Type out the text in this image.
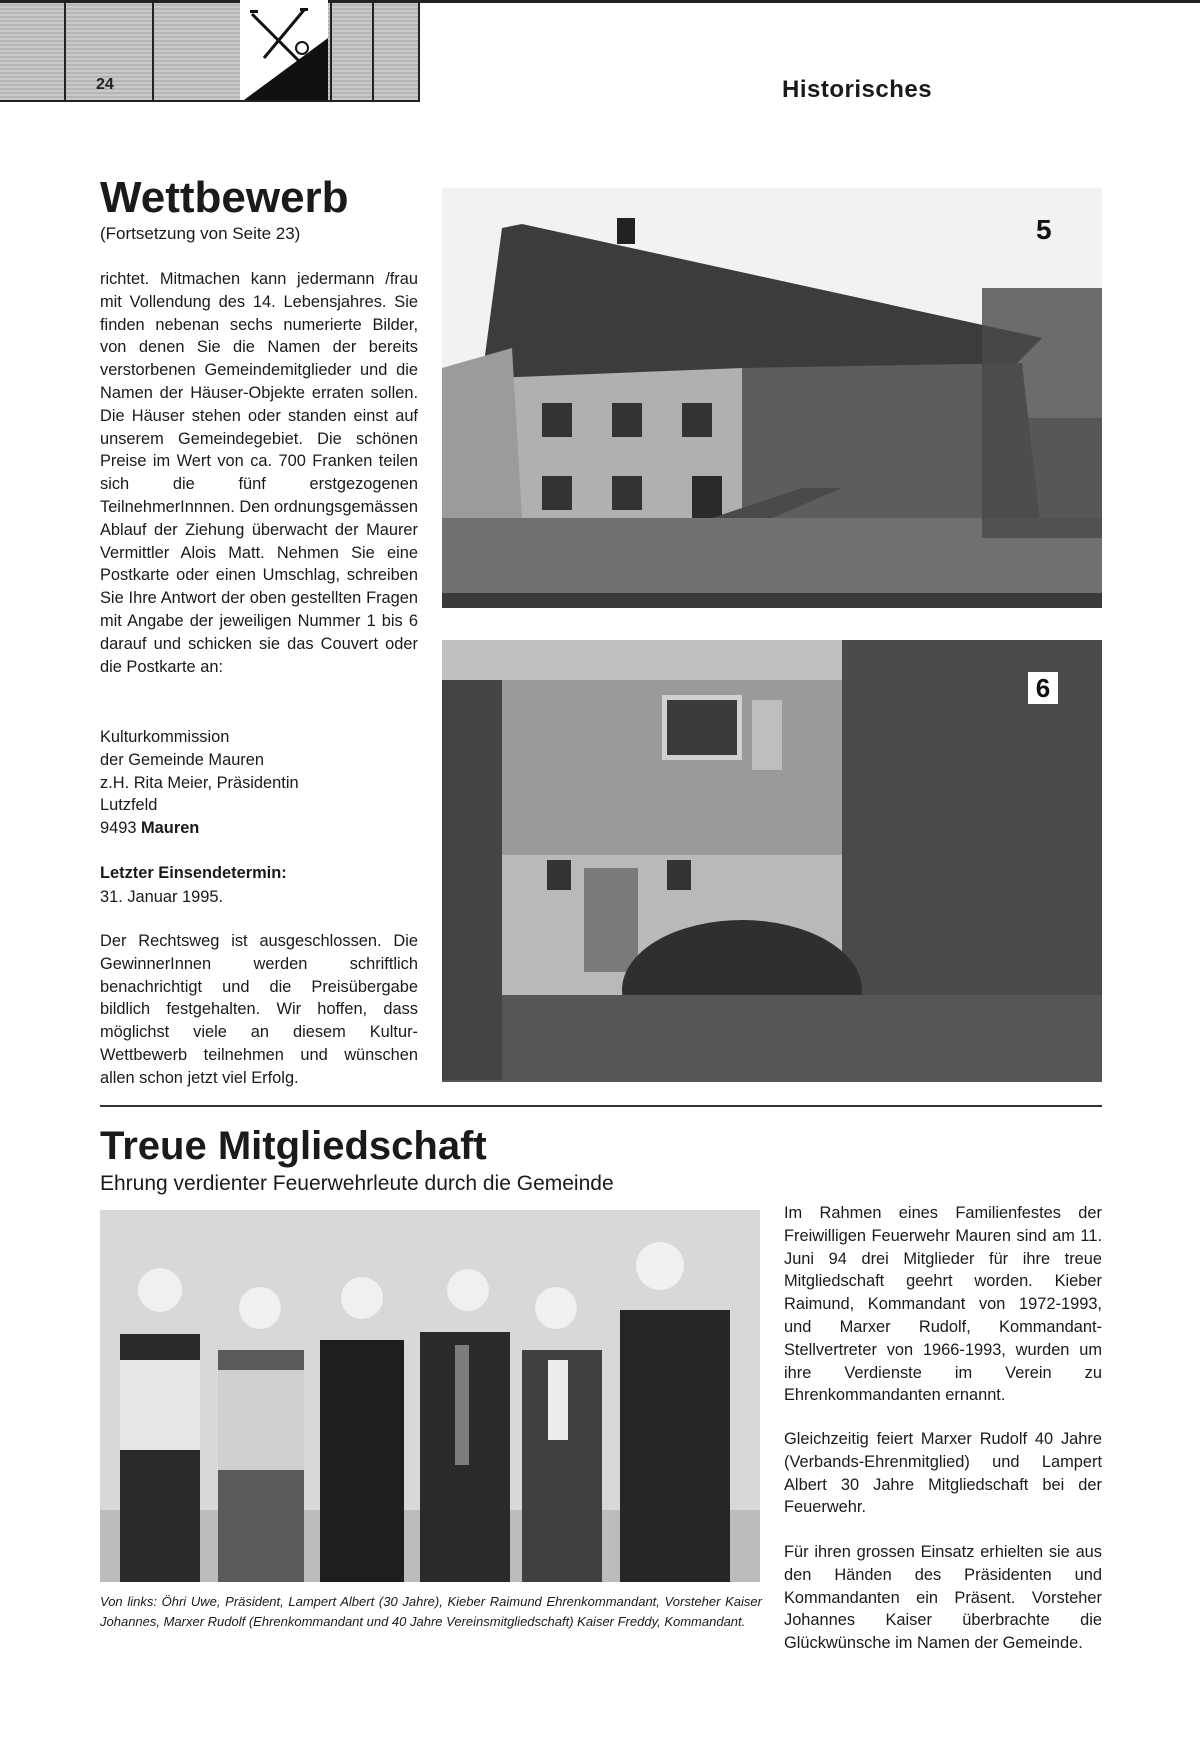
24	Historisches
Wettbewerb
(Fortsetzung von Seite 23)

richtet. Mitmachen kann jedermann /frau mit Vollendung des 14. Lebensjahres. Sie finden nebenan sechs numerierte Bilder, von denen Sie die Namen der bereits verstorbenen Gemeindemitglieder und die Namen der Häuser-Objekte erraten sollen. Die Häuser stehen oder standen einst auf unserem Gemeindegebiet. Die schönen Preise im Wert von ca. 700 Franken teilen sich die fünf erstgezogenen TeilnehmerInnnen. Den ordnungsgemässen Ablauf der Ziehung überwacht der Maurer Vermittler Alois Matt. Nehmen Sie eine Postkarte oder einen Umschlag, schreiben Sie Ihre Antwort der oben gestellten Fragen mit Angabe der jeweiligen Nummer 1 bis 6 darauf und schicken sie das Couvert oder die Postkarte an:

Kulturkommission
der Gemeinde Mauren
z.H. Rita Meier, Präsidentin
Lutzfeld
9493 Mauren
Letzter Einsendetermin:
31. Januar 1995.

Der Rechtsweg ist ausgeschlossen. Die GewinnerInnen werden schriftlich benachrichtigt und die Preisübergabe bildlich festgehalten. Wir hoffen, dass möglichst viele an diesem Kultur-Wettbewerb teilnehmen und wünschen allen schon jetzt viel Erfolg.

5
6
Treue Mitgliedschaft
Ehrung verdienter Feuerwehrleute durch die Gemeinde

Von links: Öhri Uwe, Präsident, Lampert Albert (30 Jahre), Kieber Raimund Ehrenkommandant, Vorsteher Kaiser Johannes, Marxer Rudolf (Ehrenkommandant und 40 Jahre Vereinsmitgliedschaft) Kaiser Freddy, Kommandant.

Im Rahmen eines Familienfestes der Freiwilligen Feuerwehr Mauren sind am 11. Juni 94 drei Mitglieder für ihre treue Mitgliedschaft geehrt worden. Kieber Raimund, Kommandant von 1972-1993, und Marxer Rudolf, Kommandant-Stellvertreter von 1966-1993, wurden um ihre Verdienste im Verein zu Ehrenkommandanten ernannt.

Gleichzeitig feiert Marxer Rudolf 40 Jahre (Verbands-Ehrenmitglied) und Lampert Albert 30 Jahre Mitgliedschaft bei der Feuerwehr.

Für ihren grossen Einsatz erhielten sie aus den Händen des Präsidenten und Kommandanten ein Präsent. Vorsteher Johannes Kaiser überbrachte die Glückwünsche im Namen der Gemeinde.
